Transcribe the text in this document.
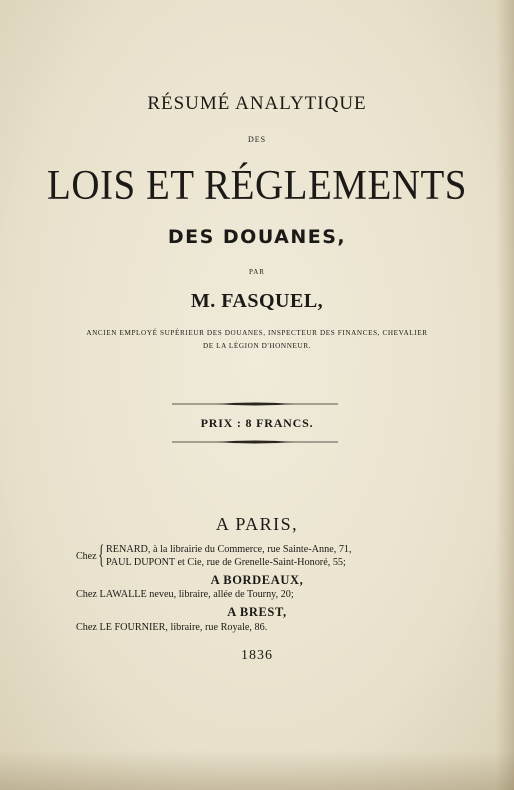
RÉSUMÉ ANALYTIQUE
DES
LOIS ET RÉGLEMENTS
DES DOUANES,
PAR
M. FASQUEL,
ANCIEN EMPLOYÉ SUPÉRIEUR DES DOUANES, INSPECTEUR DES FINANCES, CHEVALIER
DE LA LÉGION D'HONNEUR.
PRIX : 8 FRANCS.
A PARIS,
Chez { RENARD, à la librairie du Commerce, rue Sainte-Anne, 71,
PAUL DUPONT et Cie, rue de Grenelle-Saint-Honoré, 55;
A BORDEAUX,
Chez LAWALLE neveu, libraire, allée de Tourny, 20;
A BREST,
Chez LE FOURNIER, libraire, rue Royale, 86.
1836
